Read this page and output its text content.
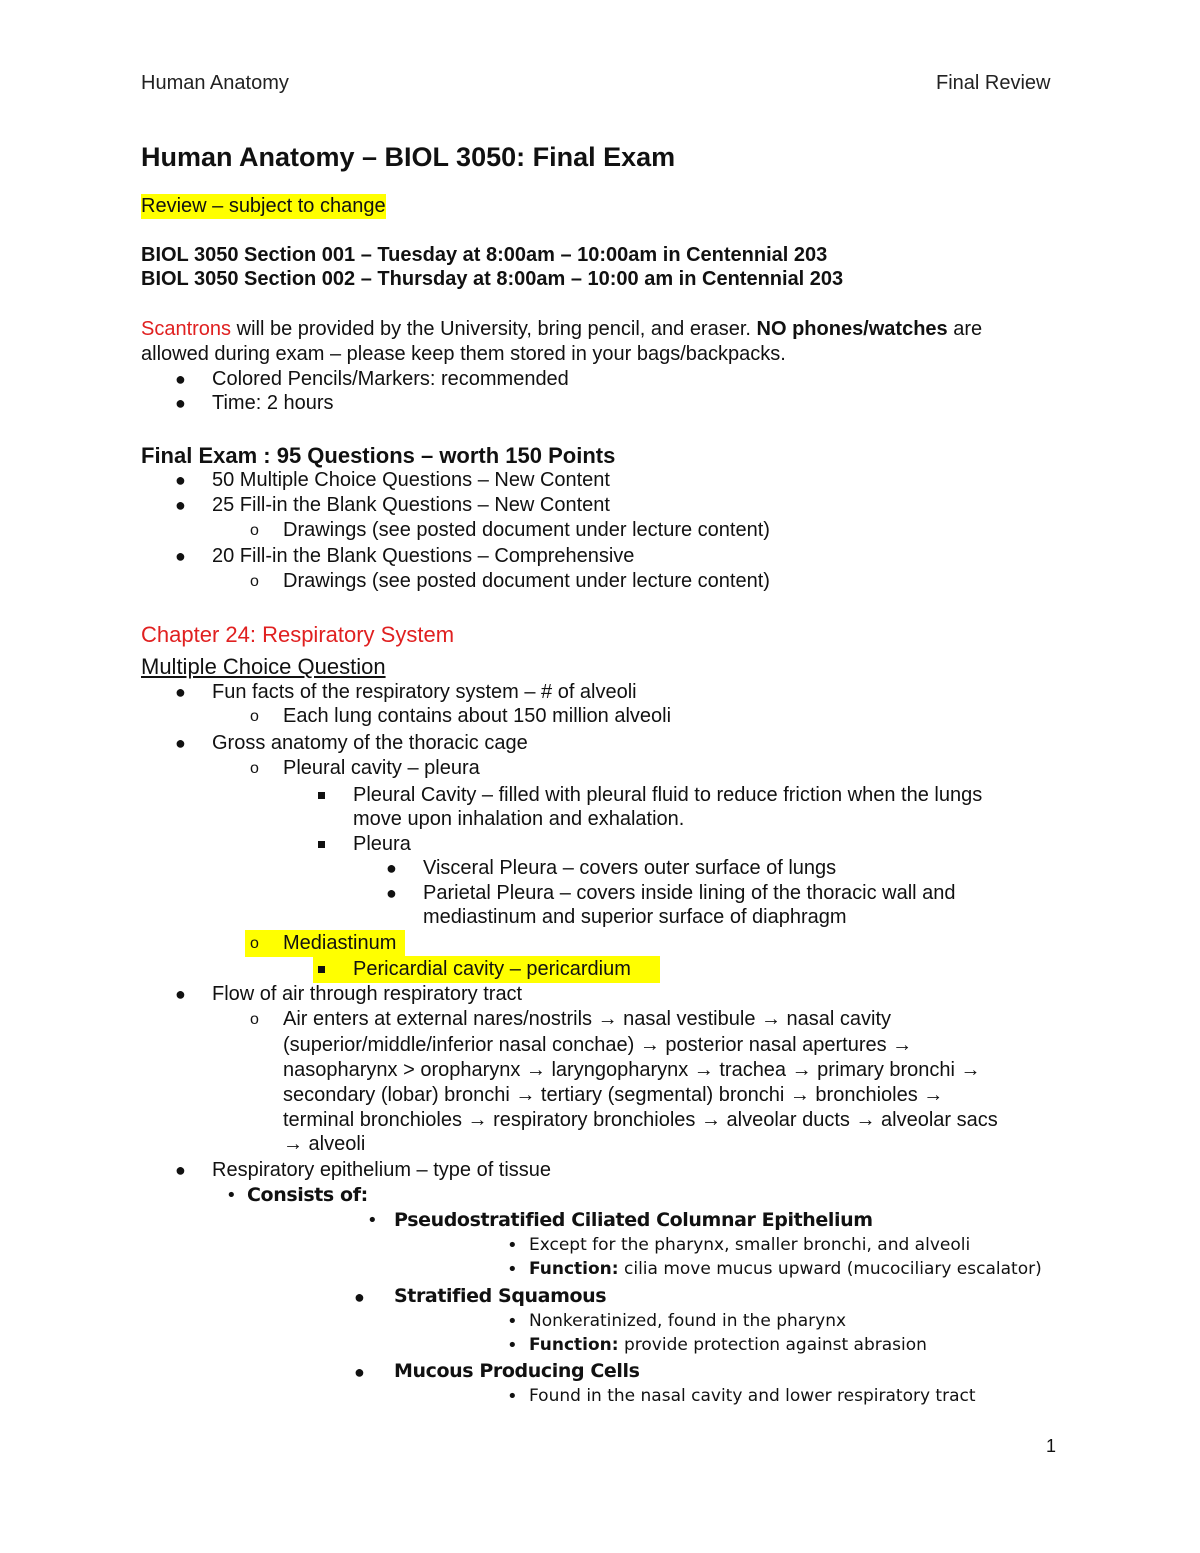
Human Anatomy	Final Review
Human Anatomy – BIOL 3050: Final Exam
Review – subject to change
BIOL 3050 Section 001 – Tuesday at 8:00am – 10:00am in Centennial 203
BIOL 3050 Section 002 – Thursday at 8:00am – 10:00 am in Centennial 203
Scantrons will be provided by the University, bring pencil, and eraser. NO phones/watches are
allowed during exam – please keep them stored in your bags/backpacks.
● Colored Pencils/Markers: recommended
● Time: 2 hours
Final Exam : 95 Questions – worth 150 Points
● 50 Multiple Choice Questions – New Content
● 25 Fill-in the Blank Questions – New Content
o Drawings (see posted document under lecture content)
● 20 Fill-in the Blank Questions – Comprehensive
o Drawings (see posted document under lecture content)
Chapter 24: Respiratory System
Multiple Choice Question
● Fun facts of the respiratory system – # of alveoli
o Each lung contains about 150 million alveoli
● Gross anatomy of the thoracic cage
o Pleural cavity – pleura
Pleural Cavity – filled with pleural fluid to reduce friction when the lungs
move upon inhalation and exhalation.
Pleura
● Visceral Pleura – covers outer surface of lungs
● Parietal Pleura – covers inside lining of the thoracic wall and
mediastinum and superior surface of diaphragm
o Mediastinum
Pericardial cavity – pericardium
● Flow of air through respiratory tract
o Air enters at external nares/nostrils → nasal vestibule → nasal cavity
(superior/middle/inferior nasal conchae) → posterior nasal apertures →
nasopharynx > oropharynx → laryngopharynx → trachea → primary bronchi →
secondary (lobar) bronchi → tertiary (segmental) bronchi → bronchioles →
terminal bronchioles → respiratory bronchioles → alveolar ducts → alveolar sacs
→ alveoli
● Respiratory epithelium – type of tissue
• Consists of:
• Pseudostratified Ciliated Columnar Epithelium
• Except for the pharynx, smaller bronchi, and alveoli
• Function: cilia move mucus upward (mucociliary escalator)
● Stratified Squamous
• Nonkeratinized, found in the pharynx
• Function: provide protection against abrasion
● Mucous Producing Cells
• Found in the nasal cavity and lower respiratory tract
1
